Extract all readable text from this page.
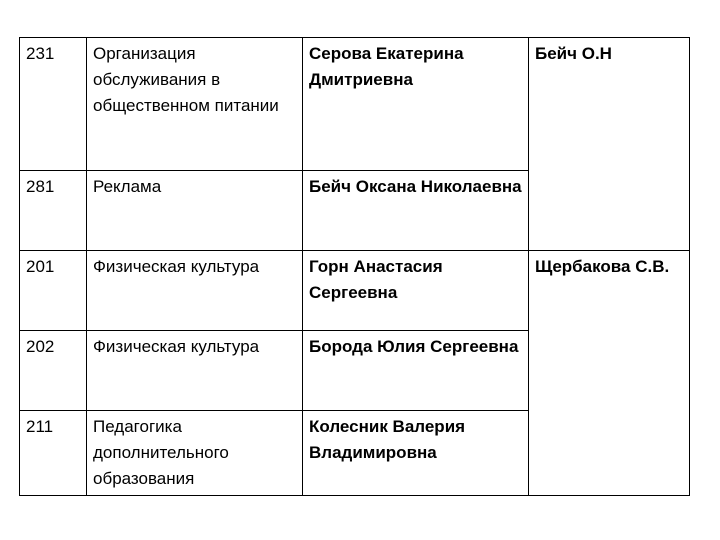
231	Организация обслуживания в общественном питании	Серова Екатерина Дмитриевна	Бейч О.Н
281	Реклама	Бейч Оксана Николаевна	
201	Физическая культура	Горн Анастасия Сергеевна	Щербакова С.В.
202	Физическая культура	Борода Юлия Сергеевна	
211	Педагогика дополнительного образования	Колесник Валерия Владимировна	
